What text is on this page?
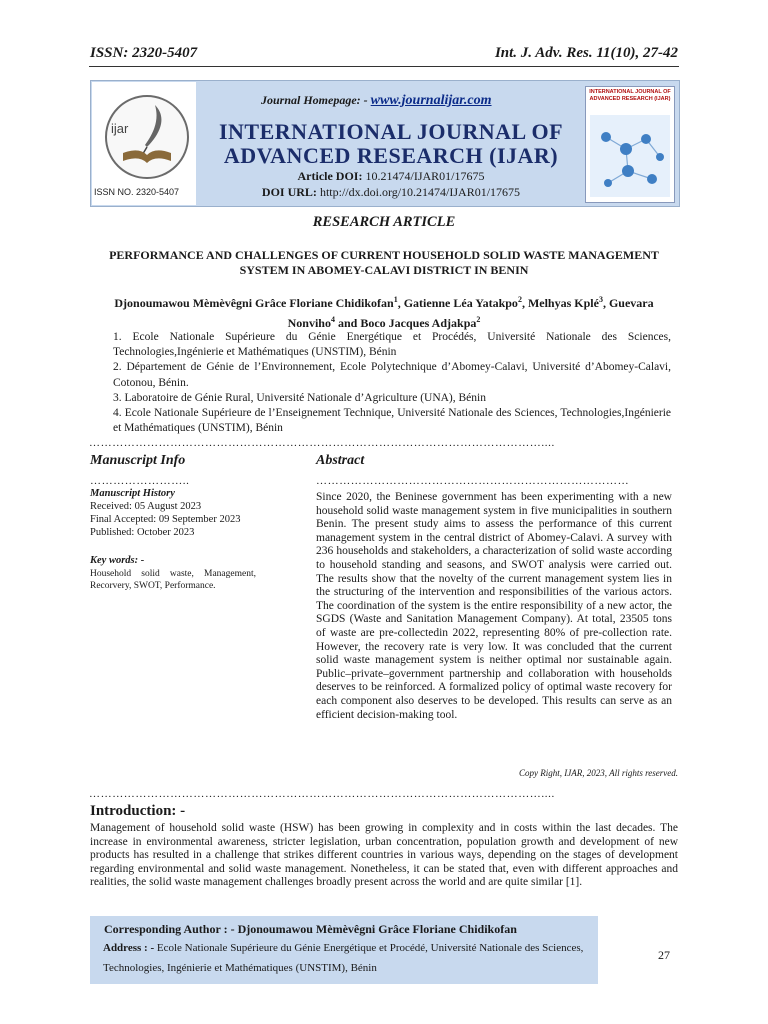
ISSN: 2320-5407	Int. J. Adv. Res. 11(10), 27-42
ijar
ISSN NO. 2320-5407
Journal Homepage: - www.journalijar.com
INTERNATIONAL JOURNAL OF
ADVANCED RESEARCH (IJAR)
Article DOI: 10.21474/IJAR01/17675
DOI URL: http://dx.doi.org/10.21474/IJAR01/17675
INTERNATIONAL JOURNAL OF ADVANCED RESEARCH (IJAR)
RESEARCH ARTICLE
PERFORMANCE AND CHALLENGES OF CURRENT HOUSEHOLD SOLID WASTE MANAGEMENT SYSTEM IN ABOMEY-CALAVI DISTRICT IN BENIN
Djonoumawou Mèmèvêgni Grâce Floriane Chidikofan$^1$, Gatienne Léa Yatakpo$^2$, Melhyas Kplé$^3$, Guevara Nonviho$^4$ and Boco Jacques Adjakpa$^2$
1. Ecole Nationale Supérieure du Génie Energétique et Procédés, Université Nationale des Sciences, Technologies,Ingénierie et Mathématiques (UNSTIM), Bénin
2. Département de Génie de l’Environnement, Ecole Polytechnique d’Abomey-Calavi, Université d’Abomey-Calavi, Cotonou, Bénin.
3. Laboratoire de Génie Rural, Université Nationale d’Agriculture (UNA), Bénin
4. Ecole Nationale Supérieure de l’Enseignement Technique, Université Nationale des Sciences, Technologies,Ingénierie et Mathématiques (UNSTIM), Bénin
………………………………………………………………………………………………………....
Manuscript Info
……………………..
Manuscript History
Received: 05 August 2023
Final Accepted: 09 September 2023
Published: October 2023
Key words: -
Household solid waste, Management, Recorvery, SWOT, Performance.
Abstract
………………………………………………………………………
Since 2020, the Beninese government has been experimenting with a new household solid waste management system in five municipalities in southern Benin. The present study aims to assess the performance of this current management system in the central district of Abomey-Calavi. A survey with 236 households and stakeholders, a characterization of solid waste according to household standing and seasons, and SWOT analysis were carried out. The results show that the novelty of the current management system lies in the structuring of the intervention and responsibilities of the various actors. The coordination of the system is the entire responsibility of a new actor, the SGDS (Waste and Sanitation Management Company). At total, 23505 tons of waste are pre-collectedin 2022, representing 80% of pre-collection rate. However, the recovery rate is very low. It was concluded that the current solid waste management system is neither optimal nor sustainable again. Public–private–government partnership and collaboration with households deserves to be reinforced. A formalized policy of optimal waste recovery for each component also deserves to be developed. This results can serve as an efficient decision-making tool.
Copy Right, IJAR, 2023, All rights reserved.
………………………………………………………………………………………………………....
Introduction: -
Management of household solid waste (HSW) has been growing in complexity and in costs within the last decades. The increase in environmental awareness, stricter legislation, urban concentration, population growth and development of new products has resulted in a challenge that strikes different countries in various ways, depending on the stages of development regarding environmental and solid waste management. Nonetheless, it can be stated that, even with different approaches and realities, the solid waste management challenges broadly present across the world and are quite similar [1].
Corresponding Author : - Djonoumawou Mèmèvêgni Grâce Floriane Chidikofan
Address : - Ecole Nationale Supérieure du Génie Energétique et Procédé, Université Nationale des Sciences, Technologies, Ingénierie et Mathématiques (UNSTIM), Bénin
27
